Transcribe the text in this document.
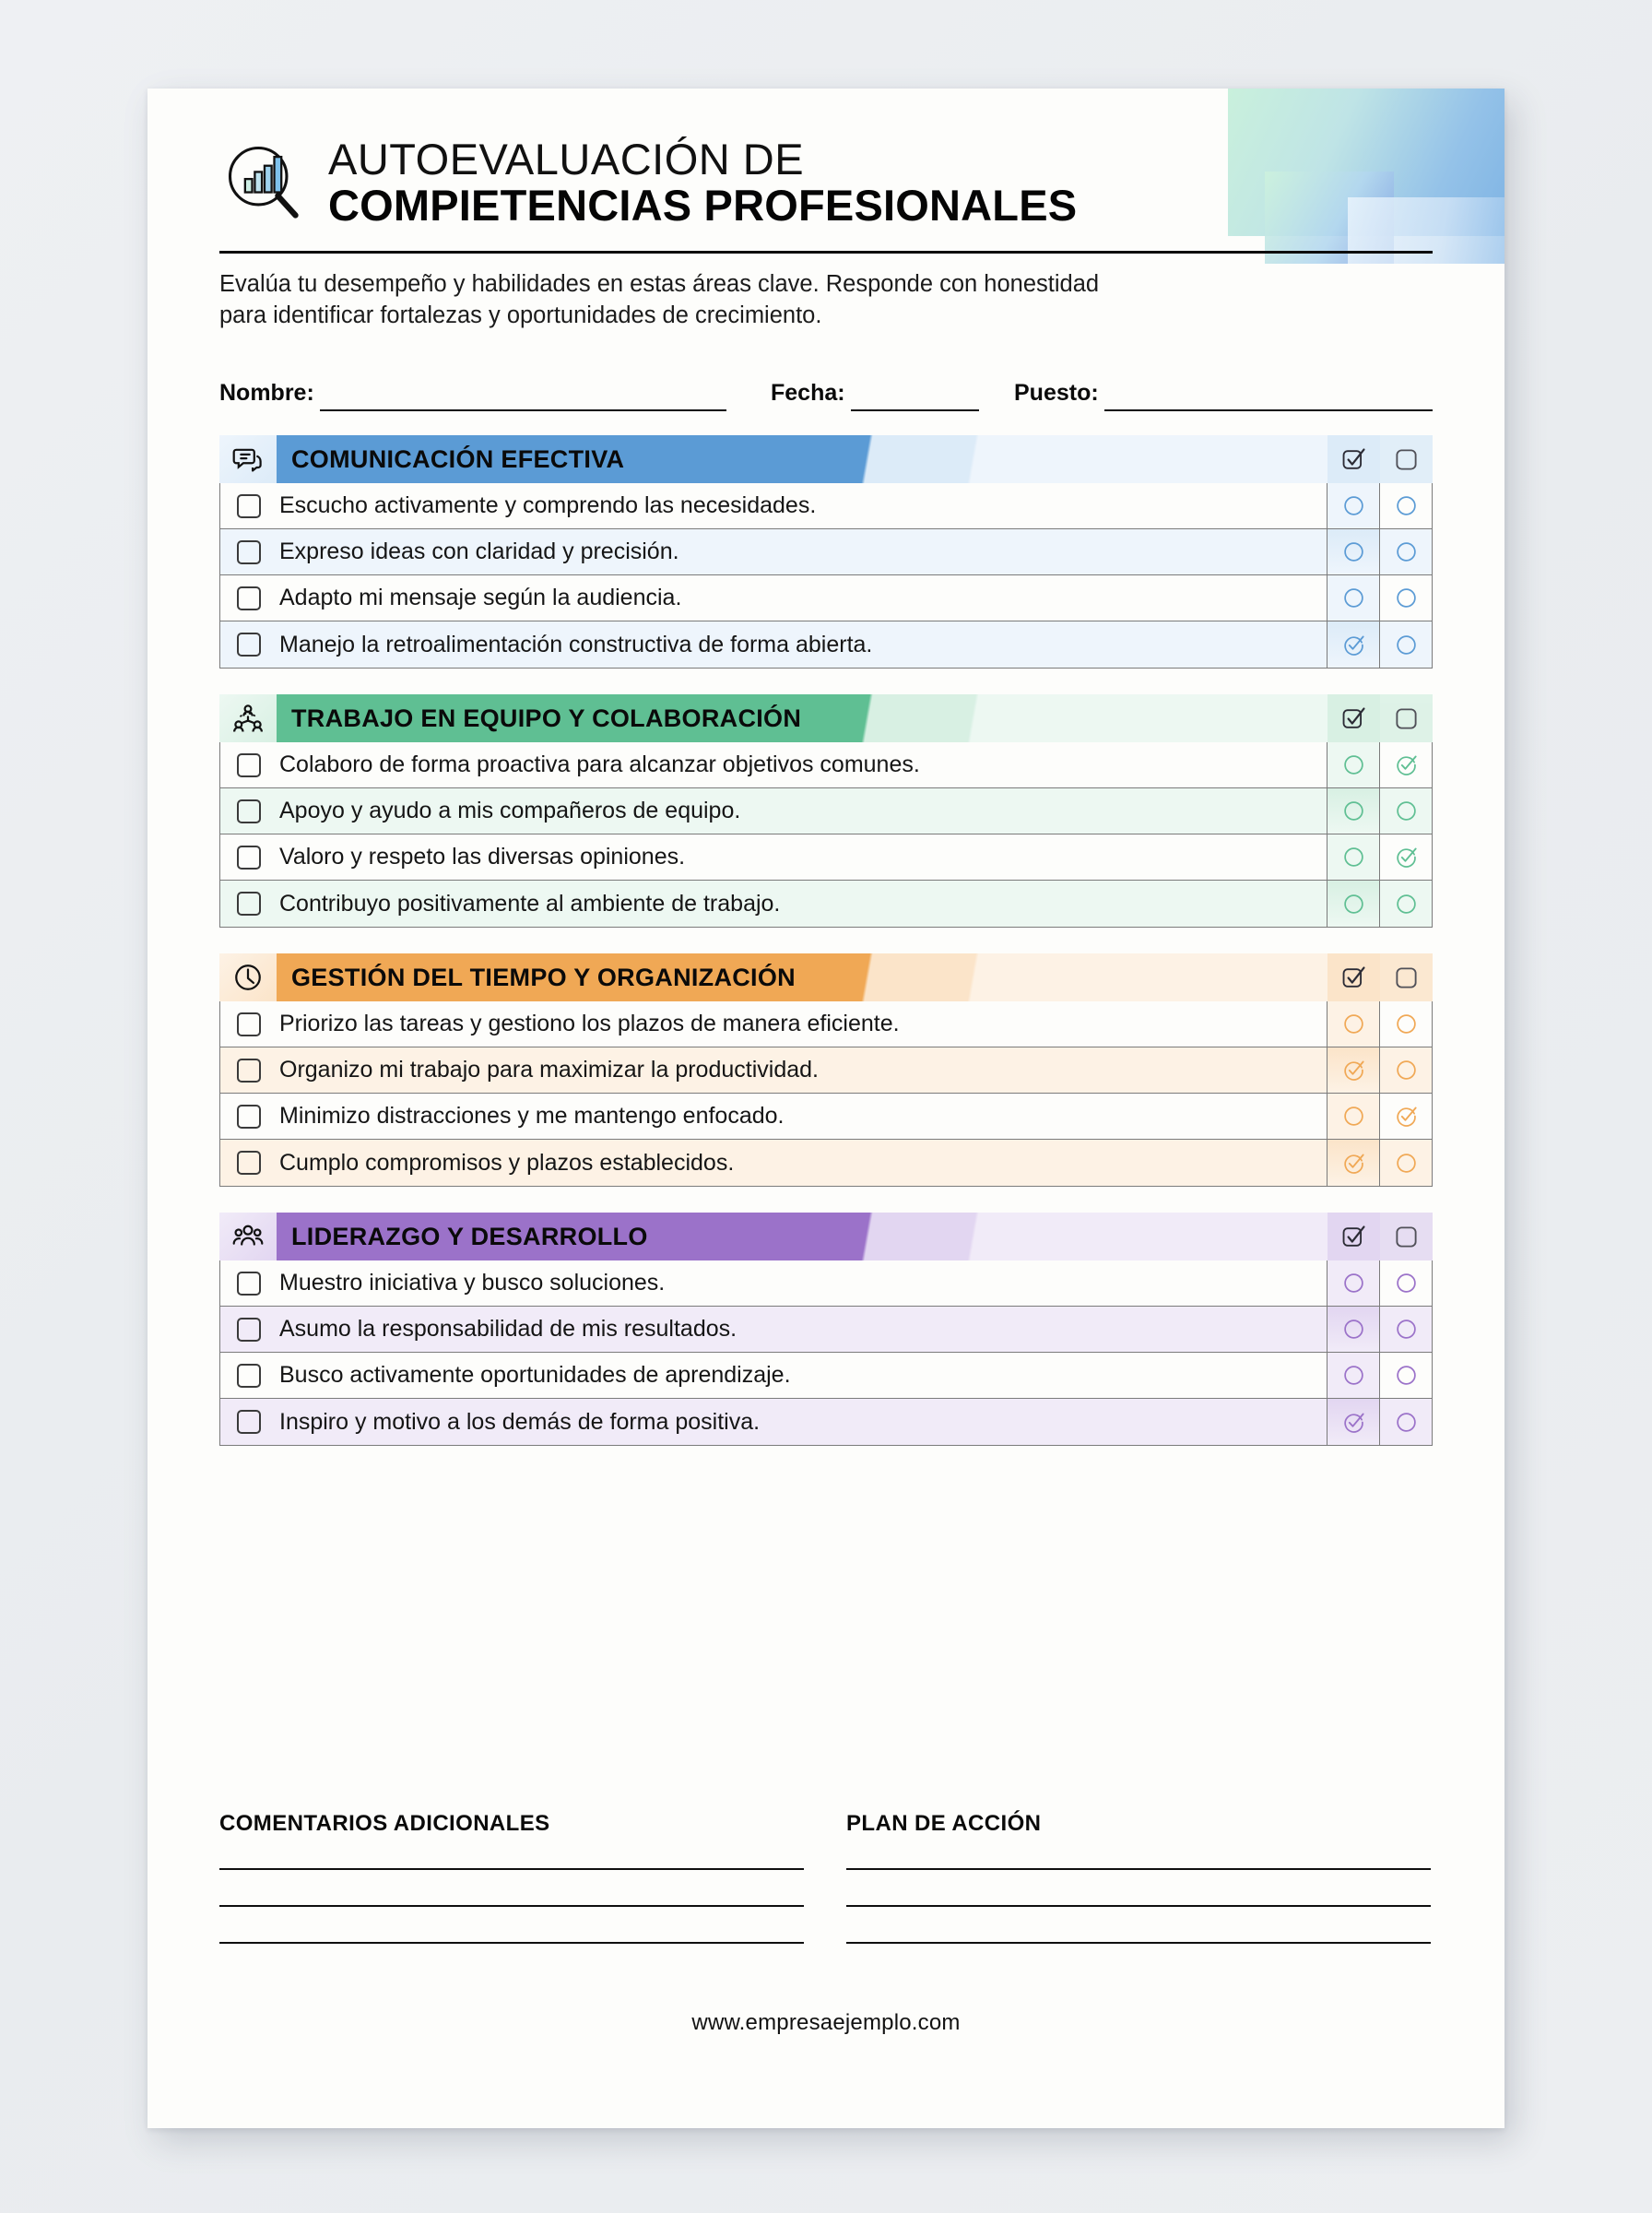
AUTOEVALUACIÓN DE
COMPIETENCIAS PROFESIONALES
Evalúa tu desempeño y habilidades en estas áreas clave. Responde con honestidad para identificar fortalezas y oportunidades de crecimiento.
Nombre:	Fecha:	Puesto:
COMUNICACIÓN EFECTIVA
Escucho activamente y comprendo las necesidades.
Expreso ideas con claridad y precisión.
Adapto mi mensaje según la audiencia.
Manejo la retroalimentación constructiva de forma abierta.
TRABAJO EN EQUIPO Y COLABORACIÓN
Colaboro de forma proactiva para alcanzar objetivos comunes.
Apoyo y ayudo a mis compañeros de equipo.
Valoro y respeto las diversas opiniones.
Contribuyo positivamente al ambiente de trabajo.
GESTIÓN DEL TIEMPO Y ORGANIZACIÓN
Priorizo las tareas y gestiono los plazos de manera eficiente.
Organizo mi trabajo para maximizar la productividad.
Minimizo distracciones y me mantengo enfocado.
Cumplo compromisos y plazos establecidos.
LIDERAZGO Y DESARROLLO
Muestro iniciativa y busco soluciones.
Asumo la responsabilidad de mis resultados.
Busco activamente oportunidades de aprendizaje.
Inspiro y motivo a los demás de forma positiva.
COMENTARIOS ADICIONALES	PLAN DE ACCIÓN
www.empresaejemplo.com
